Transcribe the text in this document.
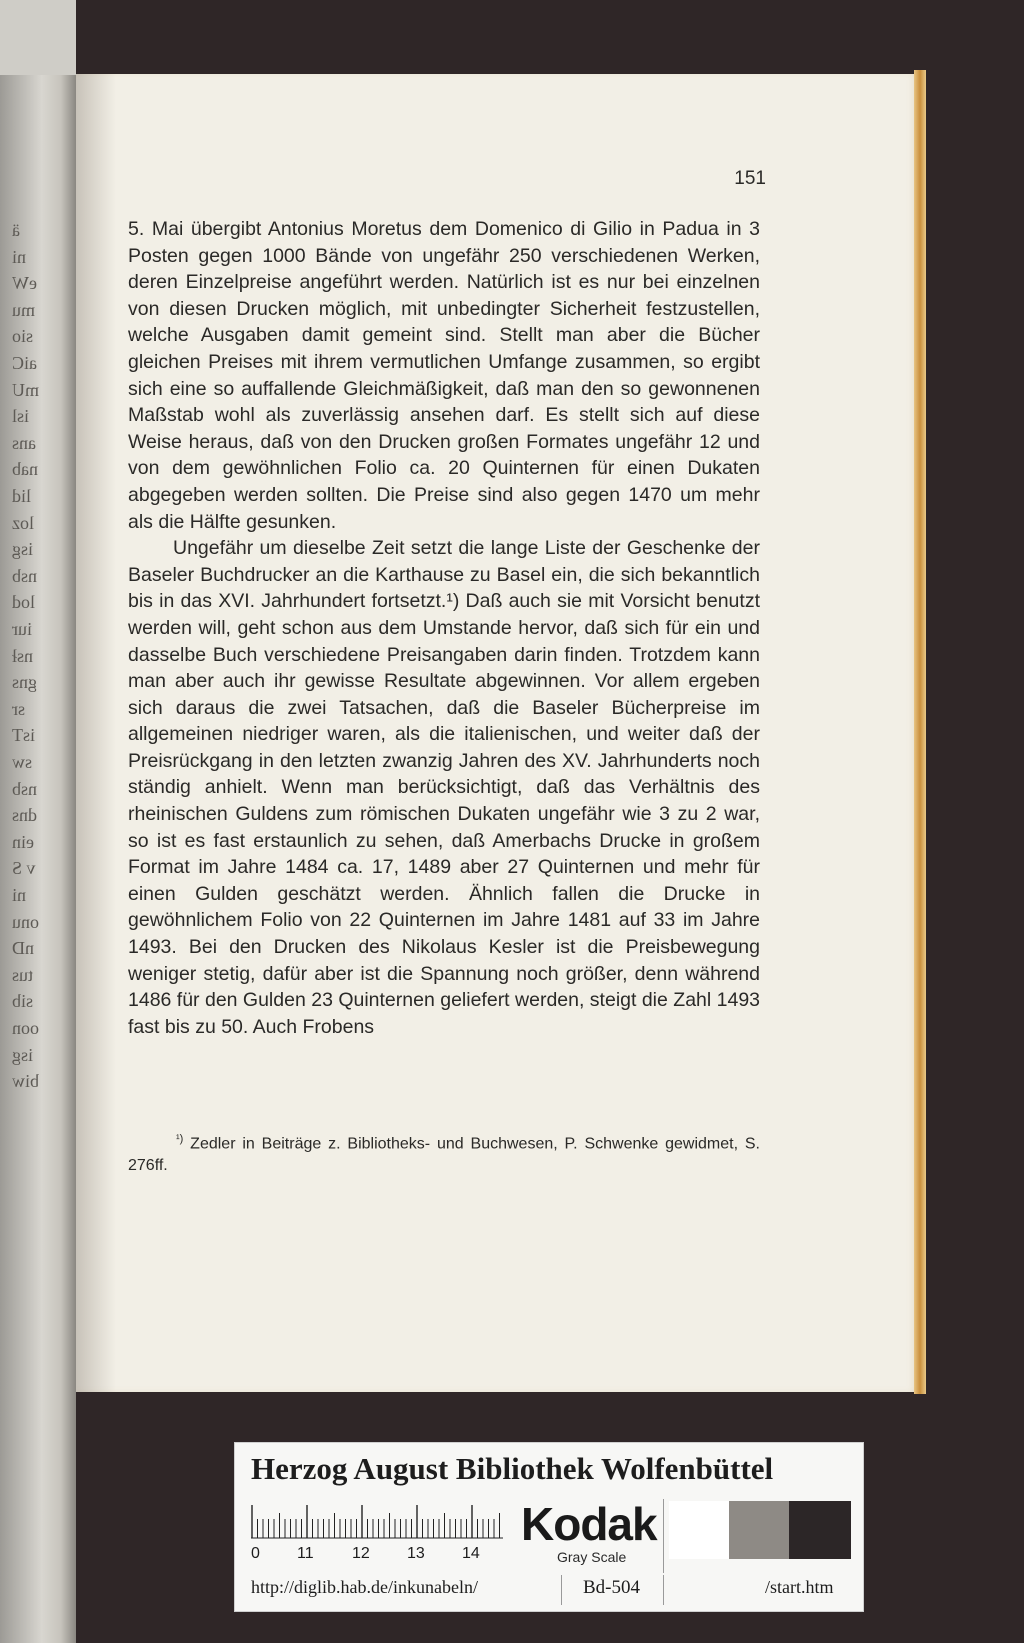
ä
ni
eW
mu
sio
aiC
mU
isl
ans
nab
lid
loz
isg
nsb
lod
iur
nsł
gns
sr
isT
sw
nsb
dns
ein
v S
ni
onu
nD
tus
sib
oon
isg
biw
151

5. Mai übergibt Antonius Moretus dem Domenico di Gilio in Padua in 3 Posten gegen 1000 Bände von ungefähr 250 verschiedenen Werken, deren Einzelpreise angeführt werden. Natürlich ist es nur bei einzelnen von diesen Drucken möglich, mit unbedingter Sicherheit festzustellen, welche Ausgaben damit gemeint sind. Stellt man aber die Bücher gleichen Preises mit ihrem vermutlichen Umfange zusammen, so ergibt sich eine so auffallende Gleichmäßigkeit, daß man den so gewonnenen Maßstab wohl als zuverlässig ansehen darf. Es stellt sich auf diese Weise heraus, daß von den Drucken großen Formates ungefähr 12 und von dem gewöhnlichen Folio ca. 20 Quinternen für einen Dukaten abgegeben werden sollten. Die Preise sind also gegen 1470 um mehr als die Hälfte gesunken.

Ungefähr um dieselbe Zeit setzt die lange Liste der Geschenke der Baseler Buchdrucker an die Karthause zu Basel ein, die sich bekanntlich bis in das XVI. Jahrhundert fortsetzt.¹) Daß auch sie mit Vorsicht benutzt werden will, geht schon aus dem Umstande hervor, daß sich für ein und dasselbe Buch verschiedene Preisangaben darin finden. Trotzdem kann man aber auch ihr gewisse Resultate abgewinnen. Vor allem ergeben sich daraus die zwei Tatsachen, daß die Baseler Bücherpreise im allgemeinen niedriger waren, als die italienischen, und weiter daß der Preisrückgang in den letzten zwanzig Jahren des XV. Jahrhunderts noch ständig anhielt. Wenn man berücksichtigt, daß das Verhältnis des rheinischen Guldens zum römischen Dukaten ungefähr wie 3 zu 2 war, so ist es fast erstaunlich zu sehen, daß Amerbachs Drucke in großem Format im Jahre 1484 ca. 17, 1489 aber 27 Quinternen und mehr für einen Gulden geschätzt werden. Ähnlich fallen die Drucke in gewöhnlichem Folio von 22 Quinternen im Jahre 1481 auf 33 im Jahre 1493. Bei den Drucken des Nikolaus Kesler ist die Preisbewegung weniger stetig, dafür aber ist die Spannung noch größer, denn während 1486 für den Gulden 23 Quinternen geliefert werden, steigt die Zahl 1493 fast bis zu 50. Auch Frobens

$^{^1)}$ Zedler in Beiträge z. Bibliotheks- und Buchwesen, P. Schwenke gewidmet, S. 276ff.
Herzog August Bibliothek Wolfenbüttel
0 11 12 13 14
Kodak
Gray Scale
http://diglib.hab.de/inkunabeln/	Bd-504	/start.htm
